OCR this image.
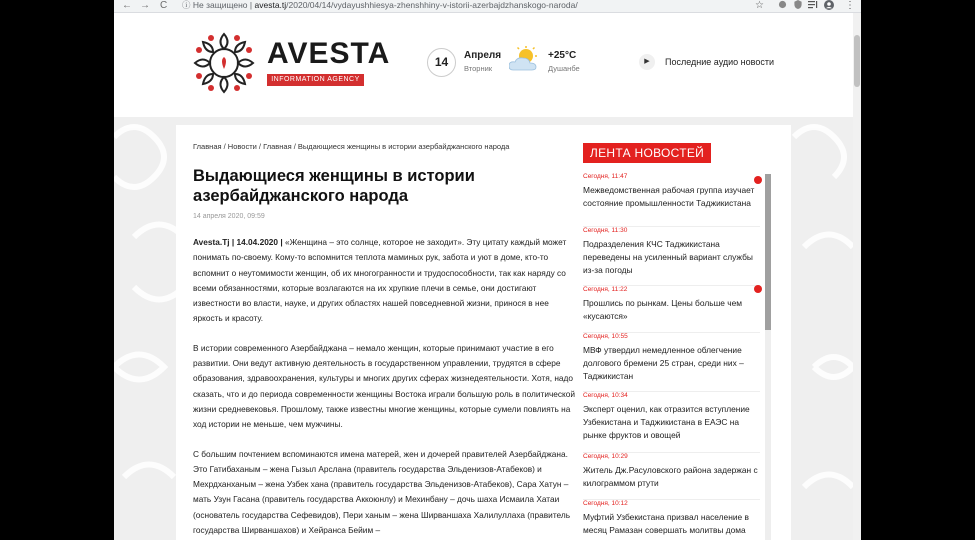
← → C ⓘ Не защищено | avesta.tj/2020/04/14/vydayushhiesya-zhenshhiny-v-istorii-azerbajdzhanskogo-naroda/	☆	⋮
AVESTA
INFORMATION AGENCY
14	Апреля
Вторник
+25°C
Душанбе
▶	Последние аудио новости
Главная / Новости / Главная / Выдающиеся женщины в истории азербайджанского народа
Выдающиеся женщины в истории азербайджанского народа
14 апреля 2020, 09:59

Avesta.Tj | 14.04.2020 | «Женщина – это солнце, которое не заходит». Эту цитату каждый может понимать по-своему. Кому-то вспомнится теплота маминых рук, забота и уют в доме, кто-то вспомнит о неутомимости женщин, об их многогранности и трудоспособности, так как наряду со всеми обязанностями, которые возлагаются на их хрупкие плечи в семье, они достигают известности во власти, науке, и других областях нашей повседневной жизни, принося в нее яркость и красоту.

В истории современного Азербайджана – немало женщин, которые принимают участие в его развитии. Они ведут активную деятельность в государственном управлении, трудятся в сфере образования, здравоохранения, культуры и многих других сферах жизнедеятельности. Хотя, надо сказать, что и до периода современности женщины Востока играли большую роль в политической жизни средневековья. Прошлому, также известны многие женщины, которые сумели повлиять на ход истории не меньше, чем мужчины.

С большим почтением вспоминаются имена матерей, жен и дочерей правителей Азербайджана. Это Гатибаханым – жена Гызыл Арслана (правитель государства Эльденизов-Атабеков) и Мехрдханханым – жена Узбек хана (правитель государства Эльденизов-Атабеков), Сара Хатун – мать Узун Гасана (правитель государства Аккоюнлу) и Мехинбану – дочь шаха Исмаила Хатаи (основатель государства Сефевидов), Пери ханым – жена Ширваншаха Халилуллаха (правитель государства Ширваншахов) и Хейранса Бейим –

ЛЕНТА НОВОСТЕЙ
Сегодня, 11:47
Межведомственная рабочая группа изучает состояние промышленности Таджикистана
Сегодня, 11:30
Подразделения КЧС Таджикистана переведены на усиленный вариант службы из-за погоды
Сегодня, 11:22
Прошлись по рынкам. Цены больше чем «кусаются»
Сегодня, 10:55
МВФ утвердил немедленное облегчение долгового бремени 25 стран, среди них – Таджикистан
Сегодня, 10:34
Эксперт оценил, как отразится вступление Узбекистана и Таджикистана в ЕАЭС на рынке фруктов и овощей
Сегодня, 10:29
Житель Дж.Расуловского района задержан с килограммом ртути
Сегодня, 10:12
Муфтий Узбекистана призвал население в месяц Рамазан совершать молитвы дома
